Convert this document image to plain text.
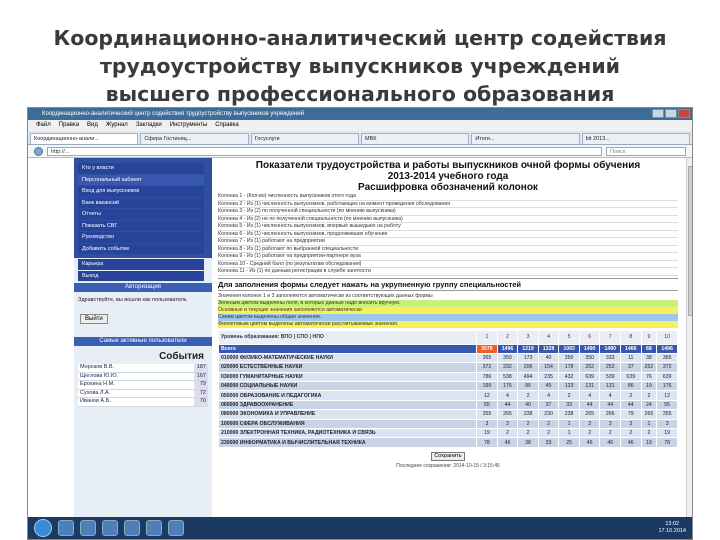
Координационно-аналитический центр содействия
трудоустройству выпускников учреждений
высшего профессионального образования
Координационно-аналитический центр содействия трудоустройству выпускников учреждений
Файл Правка Вид Журнал Закладки Инструменты Справка
Координационно-анали...	Сфера Гостиниц...	Госуслуги	МВК	Итоги...	bit 2013...
http://...	Поиск
Кто у власти
Персональный кабинет
Вход для выпускников
Банк вакансий
Отчеты
Показать СВГ
Руководство
Добавить событие
Карьера
Выход
Авторизация
Здравствуйте, вы вошли как пользователь
Выйти
Самые активные пользователи
События
Морозов В.В.	187
Щеглова Ю.Ю.	167
Ерохина Н.М.	79
Сухова Л.А.	72
Иванов А.Б.	70
Показатели трудоустройства и работы выпускников очной формы обучения
2013-2014 учебного года
Расшифровка обозначений колонок
Колонка 1 - (Кол-во) численность выпускников этого года
Колонка 2 - Из (1) численность выпускников, работающих на момент проведения обследования
Колонка 3 - Из (2) по полученной специальности (по мнению выпускника)
Колонка 4 - Из (2) не по полученной специальности (по мнению выпускника)
Колонка 5 - Из (1) численность выпускников, впервые вышедших на работу
Колонка 6 - Из (1) численность выпускников, продолживших обучение
Колонка 7 - Из (1) работают на предприятии
Колонка 8 - Из (1) работают по выбранной специальности
Колонка 9 - Из (1) работают на предприятии-партнере вуза
Колонка 10 - Средний балл (по результатам обследования)
Колонка 11 - Из (1) по данным регистрации в службе занятости
Для заполнения формы следует нажать на укрупненную группу специальностей
Значения колонок 1 и 3 заполняются автоматически из соответствующих данных формы
Зеленым цветом выделены поля, в которых данные надо вносить вручную.
Основные и текущие значения заполняются автоматически
Синим цветом выделены общие значения.
Фиолетовым цветом выделены автоматически рассчитываемые значения.
Уровень образования: ВПО | СПО | НПО	1	2	3	4	5	6	7	8	9	10
Всего	3070	1496	1219	1328	1093	1490	1490	1466	68	1496
010000 ФИЗИКО-МАТЕМАТИЧЕСКИЕ НАУКИ	365	350	173	40	350	350	333	11	38	365
020000 ЕСТЕСТВЕННЫЕ НАУКИ	372	232	206	154	178	252	252	37	252	372
030000 ГУМАНИТАРНЫЕ НАУКИ	786	538	494	235	432	639	539	639	76	639
040000 СОЦИАЛЬНЫЕ НАУКИ	199	176	95	45	123	131	131	86	19	176
050000 ОБРАЗОВАНИЕ И ПЕДАГОГИКА	12	4	2	4	2	4	4	2	2	12
060000 ЗДРАВООХРАНЕНИЕ	55	44	40	37	33	44	44	44	24	55
080000 ЭКОНОМИКА И УПРАВЛЕНИЕ	355	265	238	230	238	265	266	79	265	355
100000 СФЕРА ОБСЛУЖИВАНИЯ	3	3	2	2	1	3	3	3	1	3
210000 ЭЛЕКТРОННАЯ ТЕХНИКА, РАДИОТЕХНИКА И СВЯЗЬ	19	2	2	2	1	2	2	2	2	19
230000 ИНФОРМАТИКА И ВЫЧИСЛИТЕЛЬНАЯ ТЕХНИКА	78	46	38	33	25	46	46	46	19	78
Сохранить
Последнее сохранение: 2014-10-15 / 3:15:45
13:02
17.10.2014
